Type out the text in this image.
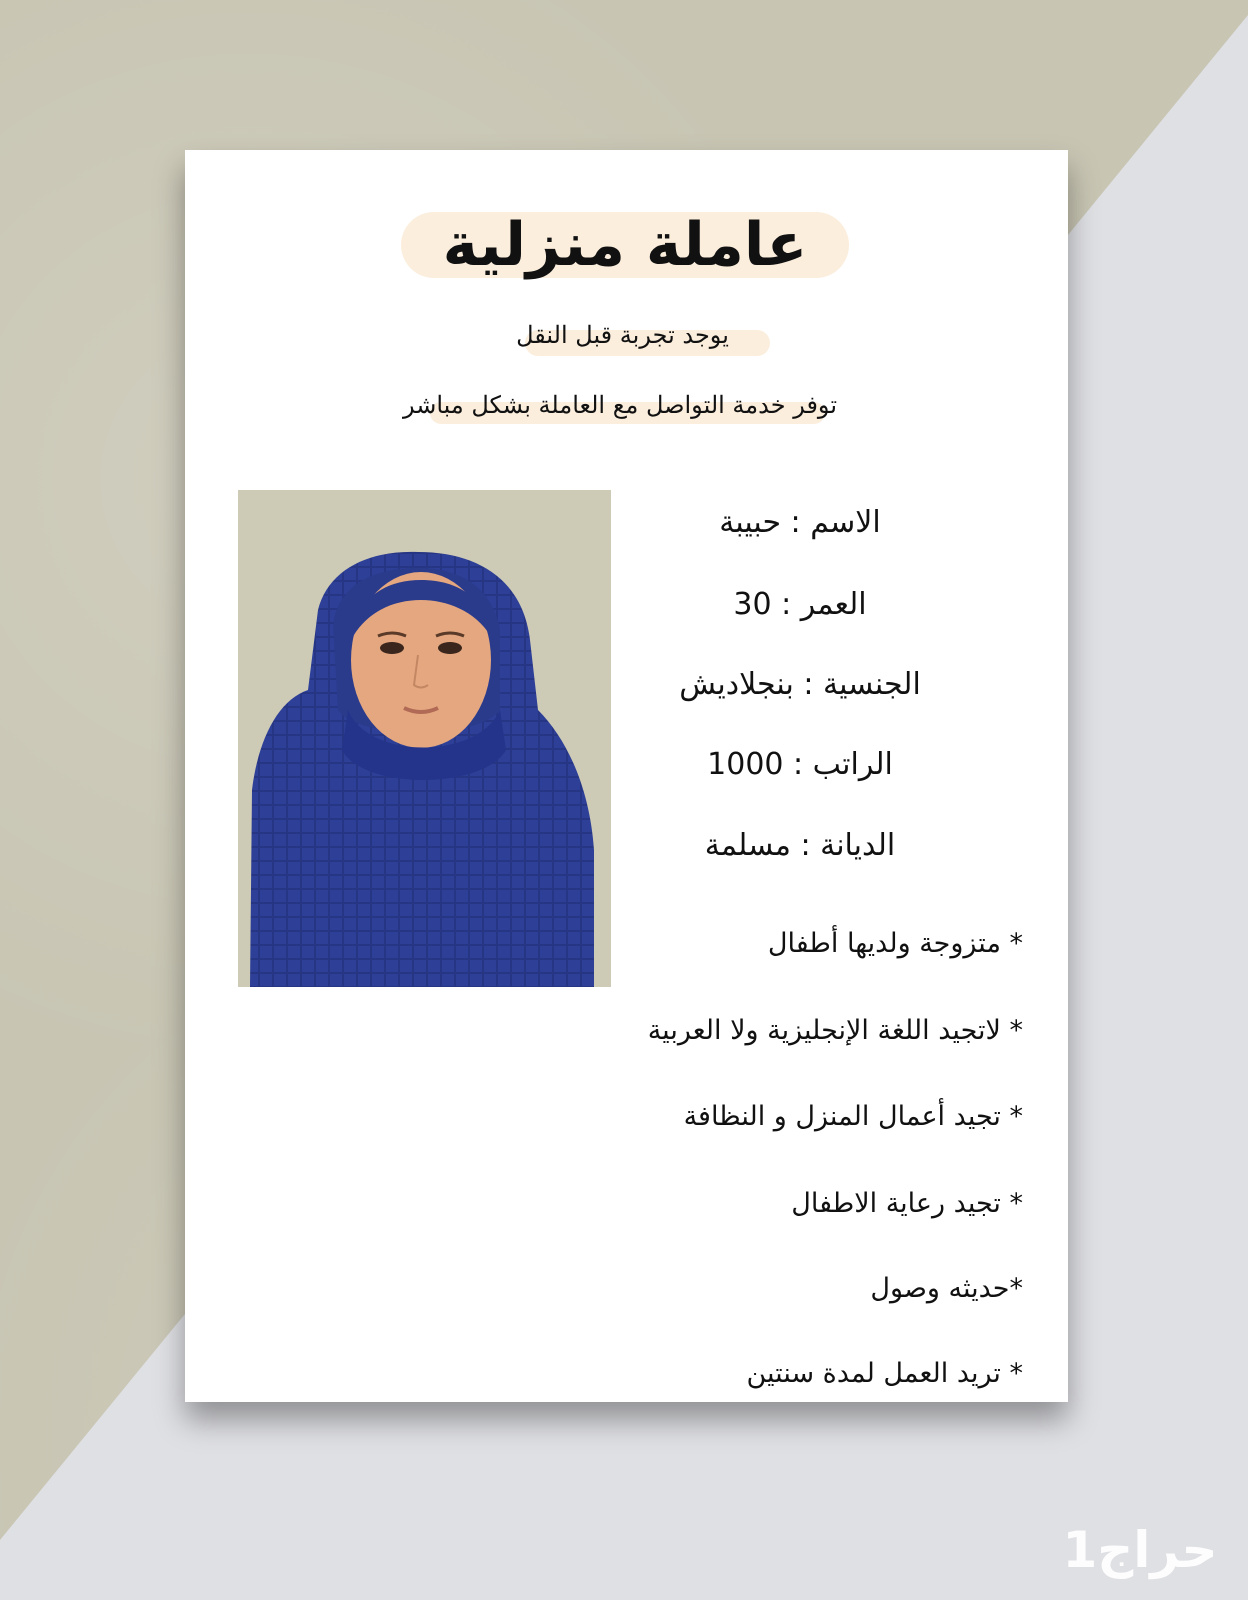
عاملة منزلية
يوجد تجربة قبل النقل
توفر خدمة التواصل مع العاملة بشكل مباشر
الاسم : حبيبة
العمر : 30
الجنسية : بنجلاديش
الراتب : 1000
الديانة : مسلمة
* متزوجة ولديها أطفال
* لاتجيد اللغة الإنجليزية ولا العربية
* تجيد أعمال المنزل و النظافة
* تجيد رعاية الاطفال
*حديثه وصول
* تريد العمل لمدة سنتين
حراج1
